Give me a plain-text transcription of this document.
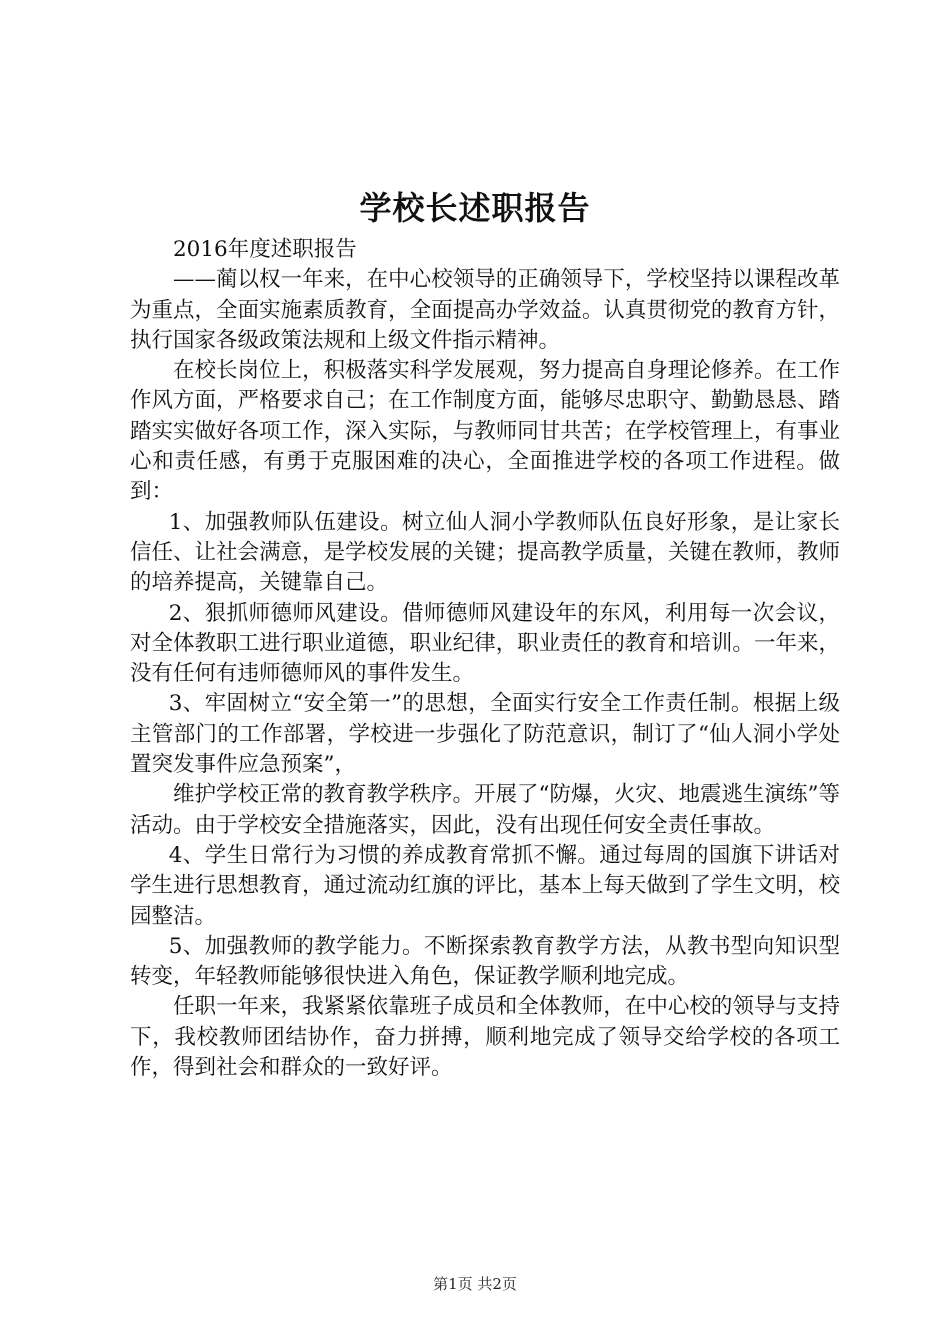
学校长述职报告

2016年度述职报告

——蔺以权一年来，在中心校领导的正确领导下，学校坚持以课程改革为重点，全面实施素质教育，全面提高办学效益。认真贯彻党的教育方针，执行国家各级政策法规和上级文件指示精神。

在校长岗位上，积极落实科学发展观，努力提高自身理论修养。在工作作风方面，严格要求自己；在工作制度方面，能够尽忠职守、勤勤恳恳、踏踏实实做好各项工作，深入实际，与教师同甘共苦；在学校管理上，有事业心和责任感，有勇于克服困难的决心，全面推进学校的各项工作进程。做到：

1、加强教师队伍建设。树立仙人洞小学教师队伍良好形象，是让家长信任、让社会满意，是学校发展的关键；提高教学质量，关键在教师，教师的培养提高，关键靠自己。

2、狠抓师德师风建设。借师德师风建设年的东风，利用每一次会议，对全体教职工进行职业道德，职业纪律，职业责任的教育和培训。一年来，没有任何有违师德师风的事件发生。

3、牢固树立“安全第一”的思想，全面实行安全工作责任制。根据上级主管部门的工作部署，学校进一步强化了防范意识，制订了“仙人洞小学处置突发事件应急预案”，

维护学校正常的教育教学秩序。开展了“防爆，火灾、地震逃生演练”等活动。由于学校安全措施落实，因此，没有出现任何安全责任事故。

4、学生日常行为习惯的养成教育常抓不懈。通过每周的国旗下讲话对学生进行思想教育，通过流动红旗的评比，基本上每天做到了学生文明，校园整洁。

5、加强教师的教学能力。不断探索教育教学方法，从教书型向知识型转变，年轻教师能够很快进入角色，保证教学顺利地完成。

任职一年来，我紧紧依靠班子成员和全体教师，在中心校的领导与支持下，我校教师团结协作，奋力拼搏，顺利地完成了领导交给学校的各项工作，得到社会和群众的一致好评。

第1页 共2页
